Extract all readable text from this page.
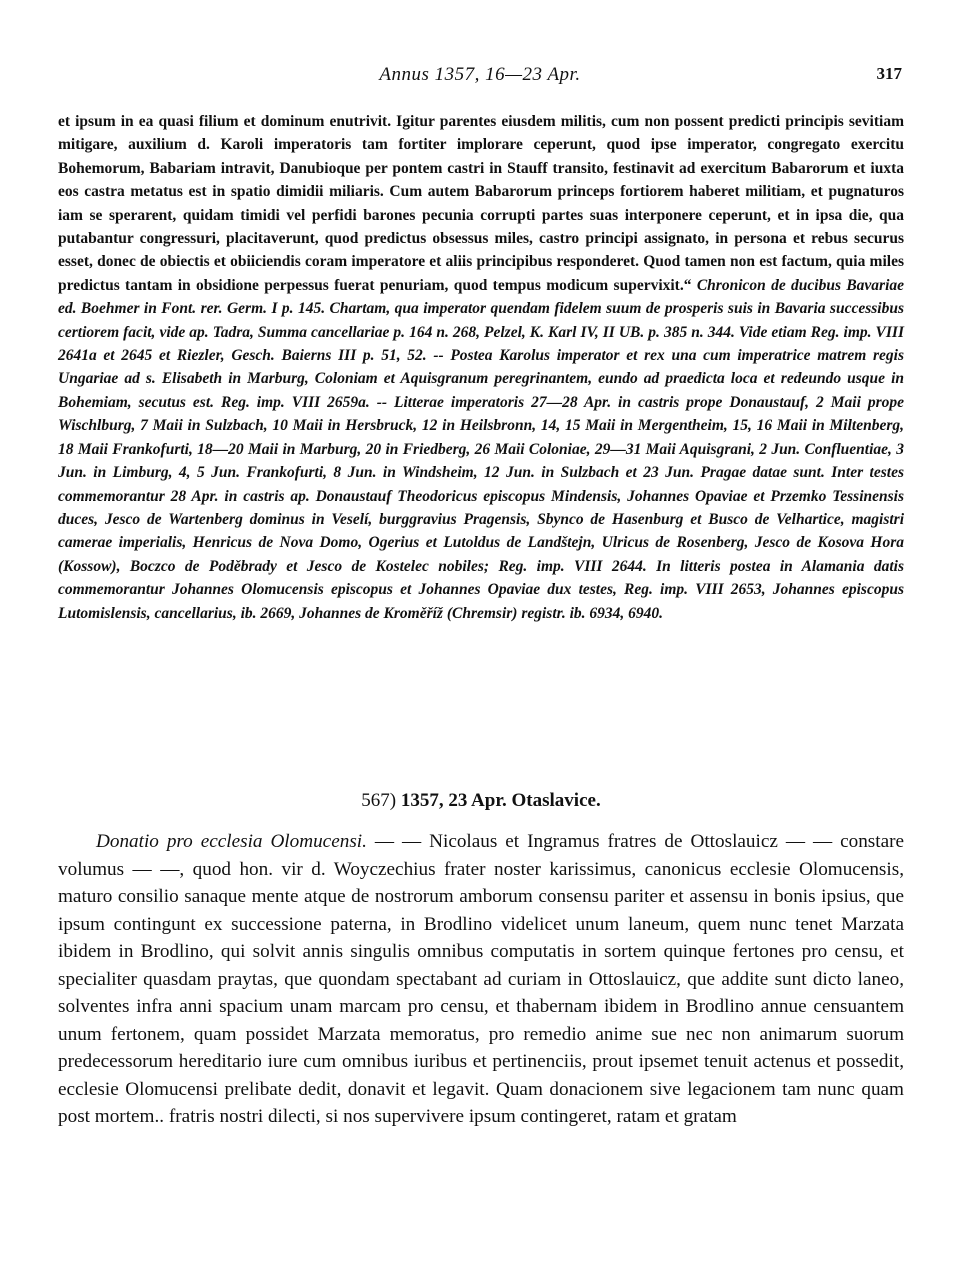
Annus 1357, 16—23 Apr.	317

et ipsum in ea quasi filium et dominum enutrivit. Igitur parentes eiusdem militis, cum non possent predicti principis sevitiam mitigare, auxilium d. Karoli imperatoris tam fortiter implorare ceperunt, quod ipse imperator, congregato exercitu Bohemorum, Babariam intravit, Danubioque per pontem castri in Stauff transito, festinavit ad exercitum Babarorum et iuxta eos castra metatus est in spatio dimidii miliaris. Cum autem Babarorum princeps fortiorem haberet militiam, et pugnaturos iam se sperarent, quidam timidi vel perfidi barones pecunia corrupti partes suas interponere ceperunt, et in ipsa die, qua putabantur congressuri, placitaverunt, quod predictus obsessus miles, castro principi assignato, in persona et rebus securus esset, donec de obiectis et obiiciendis coram imperatore et aliis principibus responderet. Quod tamen non est factum, quia miles predictus tantam in obsidione perpessus fuerat penuriam, quod tempus modicum supervixit.“ Chronicon de ducibus Bavariae ed. Boehmer in Font. rer. Germ. I p. 145. Chartam, qua imperator quendam fidelem suum de prosperis suis in Bavaria successibus certiorem facit, vide ap. Tadra, Summa cancellariae p. 164 n. 268, Pelzel, K. Karl IV, II UB. p. 385 n. 344. Vide etiam Reg. imp. VIII 2641a et 2645 et Riezler, Gesch. Baierns III p. 51, 52. -- Postea Karolus imperator et rex una cum imperatrice matrem regis Ungariae ad s. Elisabeth in Marburg, Coloniam et Aquisgranum peregrinantem, eundo ad praedicta loca et redeundo usque in Bohemiam, secutus est. Reg. imp. VIII 2659a. -- Litterae imperatoris 27—28 Apr. in castris prope Donaustauf, 2 Maii prope Wischlburg, 7 Maii in Sulzbach, 10 Maii in Hersbruck, 12 in Heilsbronn, 14, 15 Maii in Mergentheim, 15, 16 Maii in Miltenberg, 18 Maii Frankofurti, 18—20 Maii in Marburg, 20 in Friedberg, 26 Maii Coloniae, 29—31 Maii Aquisgrani, 2 Jun. Confluentiae, 3 Jun. in Limburg, 4, 5 Jun. Frankofurti, 8 Jun. in Windsheim, 12 Jun. in Sulzbach et 23 Jun. Pragae datae sunt. Inter testes commemorantur 28 Apr. in castris ap. Donaustauf Theodoricus episcopus Mindensis, Johannes Opaviae et Przemko Tessinensis duces, Jesco de Wartenberg dominus in Veselí, burggravius Pragensis, Sbynco de Hasenburg et Busco de Velhartice, magistri camerae imperialis, Henricus de Nova Domo, Ogerius et Lutoldus de Landštejn, Ulricus de Rosenberg, Jesco de Kosova Hora (Kossow), Boczco de Poděbrady et Jesco de Kostelec nobiles; Reg. imp. VIII 2644. In litteris postea in Alamania datis commemorantur Johannes Olomucensis episcopus et Johannes Opaviae dux testes, Reg. imp. VIII 2653, Johannes episcopus Lutomislensis, cancellarius, ib. 2669, Johannes de Kroměříž (Chremsir) registr. ib. 6934, 6940.

567) 1357, 23 Apr. Otaslavice.

Donatio pro ecclesia Olomucensi. — — Nicolaus et Ingramus fratres de Ottoslauicz — — constare volumus — —, quod hon. vir d. Woyczechius frater noster karissimus, canonicus ecclesie Olomucensis, maturo consilio sanaque mente atque de nostrorum amborum consensu pariter et assensu in bonis ipsius, que ipsum contingunt ex successione paterna, in Brodlino videlicet unum laneum, quem nunc tenet Marzata ibidem in Brodlino, qui solvit annis singulis omnibus computatis in sortem quinque fertones pro censu, et specialiter quasdam praytas, que quondam spectabant ad curiam in Ottoslauicz, que addite sunt dicto laneo, solventes infra anni spacium unam marcam pro censu, et thabernam ibidem in Brodlino annue censuantem unum fertonem, quam possidet Marzata memoratus, pro remedio anime sue nec non animarum suorum predecessorum hereditario iure cum omnibus iuribus et pertinenciis, prout ipsemet tenuit actenus et possedit, ecclesie Olomucensi prelibate dedit, donavit et legavit. Quam donacionem sive legacionem tam nunc quam post mortem.. fratris nostri dilecti, si nos supervivere ipsum contingeret, ratam et gratam
